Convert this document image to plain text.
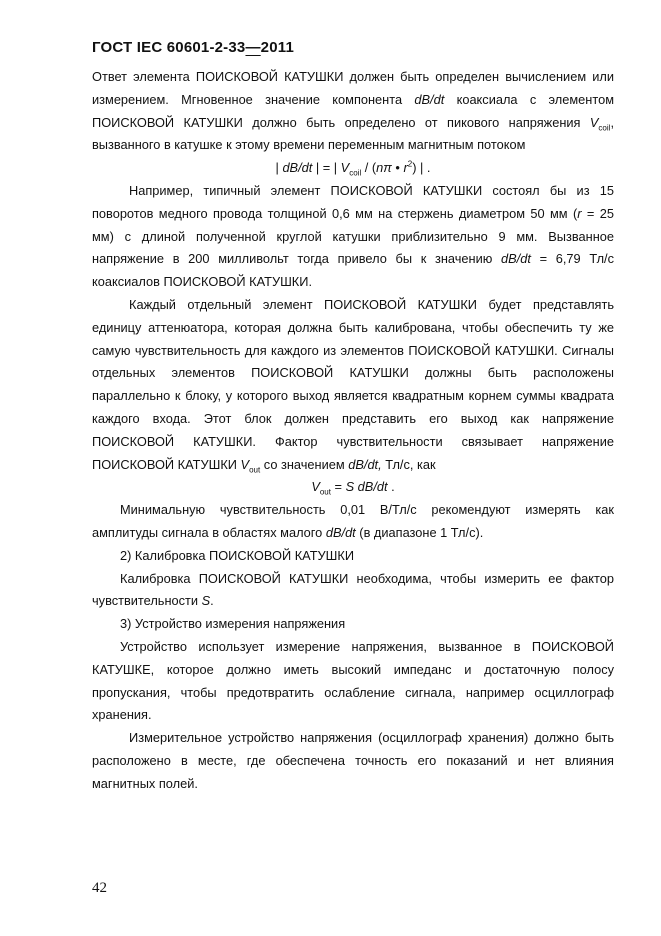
ГОСТ IEC 60601-2-33—2011

Ответ элемента ПОИСКОВОЙ КАТУШКИ должен быть определен вычислением или измерением. Мгновенное значение компонента dB/dt коаксиала с элементом ПОИСКОВОЙ КАТУШКИ должно быть определено от пикового напряжения $V_{coil}$, вызванного в катушке к этому времени переменным магнитным потоком

| dB/dt | = | $V_{coil} / (n\pi$ • $r^2$) | .

Например, типичный элемент ПОИСКОВОЙ КАТУШКИ состоял бы из 15 поворотов медного провода толщиной 0,6 мм на стержень диаметром 50 мм (r = 25 мм) с длиной полученной круглой катушки приблизительно 9 мм. Вызванное напряжение в 200 милливольт тогда привело бы к значению dB/dt = 6,79 Тл/с коаксиалов ПОИСКОВОЙ КАТУШКИ.

Каждый отдельный элемент ПОИСКОВОЙ КАТУШКИ будет представлять единицу аттенюатора, которая должна быть калибрована, чтобы обеспечить ту же самую чувствительность для каждого из элементов ПОИСКОВОЙ КАТУШКИ. Сигналы отдельных элементов ПОИСКОВОЙ КАТУШКИ должны быть расположены параллельно к блоку, у которого выход является квадратным корнем суммы квадрата каждого входа. Этот блок должен представить его выход как напряжение ПОИСКОВОЙ КАТУШКИ. Фактор чувствительности связывает напряжение ПОИСКОВОЙ КАТУШКИ $V_{out}$ со значением dB/dt, Тл/с, как

$V_{out} = S$ dB/dt .

Минимальную чувствительность 0,01 В/Тл/с рекомендуют измерять как амплитуды сигнала в областях малого dB/dt (в диапазоне 1 Тл/с).

2) Калибровка ПОИСКОВОЙ КАТУШКИ

Калибровка ПОИСКОВОЙ КАТУШКИ необходима, чтобы измерить ее фактор чувствительности S.

3) Устройство измерения напряжения

Устройство использует измерение напряжения, вызванное в ПОИСКОВОЙ КАТУШКЕ, которое должно иметь высокий импеданс и достаточную полосу пропускания, чтобы предотвратить ослабление сигнала, например осциллограф хранения.

Измерительное устройство напряжения (осциллограф хранения) должно быть расположено в месте, где обеспечена точность его показаний и нет влияния магнитных полей.

42
